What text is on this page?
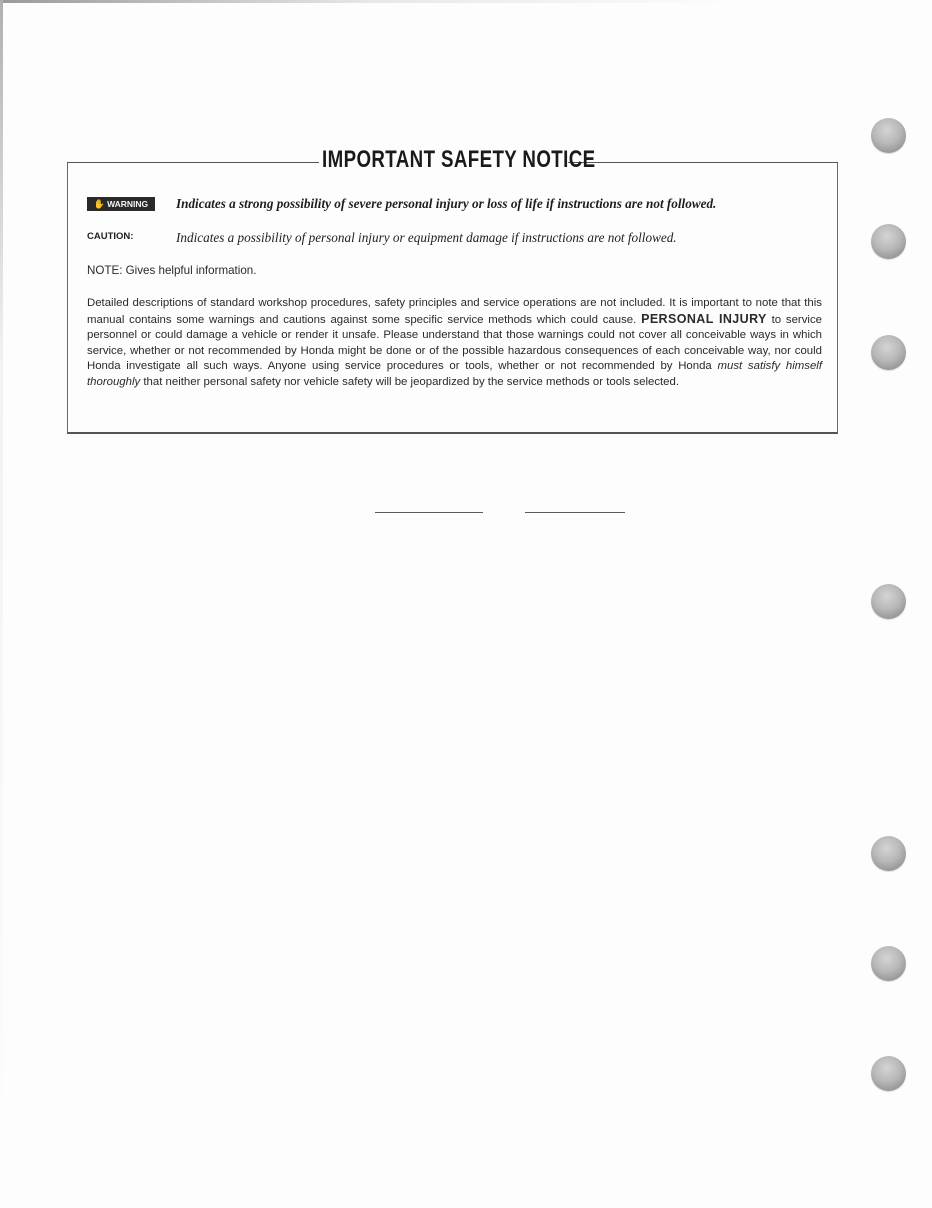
IMPORTANT SAFETY NOTICE
✋ WARNING Indicates a strong possibility of severe personal injury or loss of life if instructions are not followed.
CAUTION:	Indicates a possibility of personal injury or equipment damage if instructions are not followed.
NOTE: Gives helpful information.
Detailed descriptions of standard workshop procedures, safety principles and service operations are not included. It is important to note that this manual contains some warnings and cautions against some specific service methods which could cause. PERSONAL INJURY to service personnel or could damage a vehicle or render it unsafe. Please understand that those warnings could not cover all conceivable ways in which service, whether or not recommended by Honda might be done or of the possible hazardous consequences of each conceivable way, nor could Honda investigate all such ways. Anyone using service procedures or tools, whether or not recommended by Honda must satisfy himself thoroughly that neither personal safety nor vehicle safety will be jeopardized by the service methods or tools selected.
